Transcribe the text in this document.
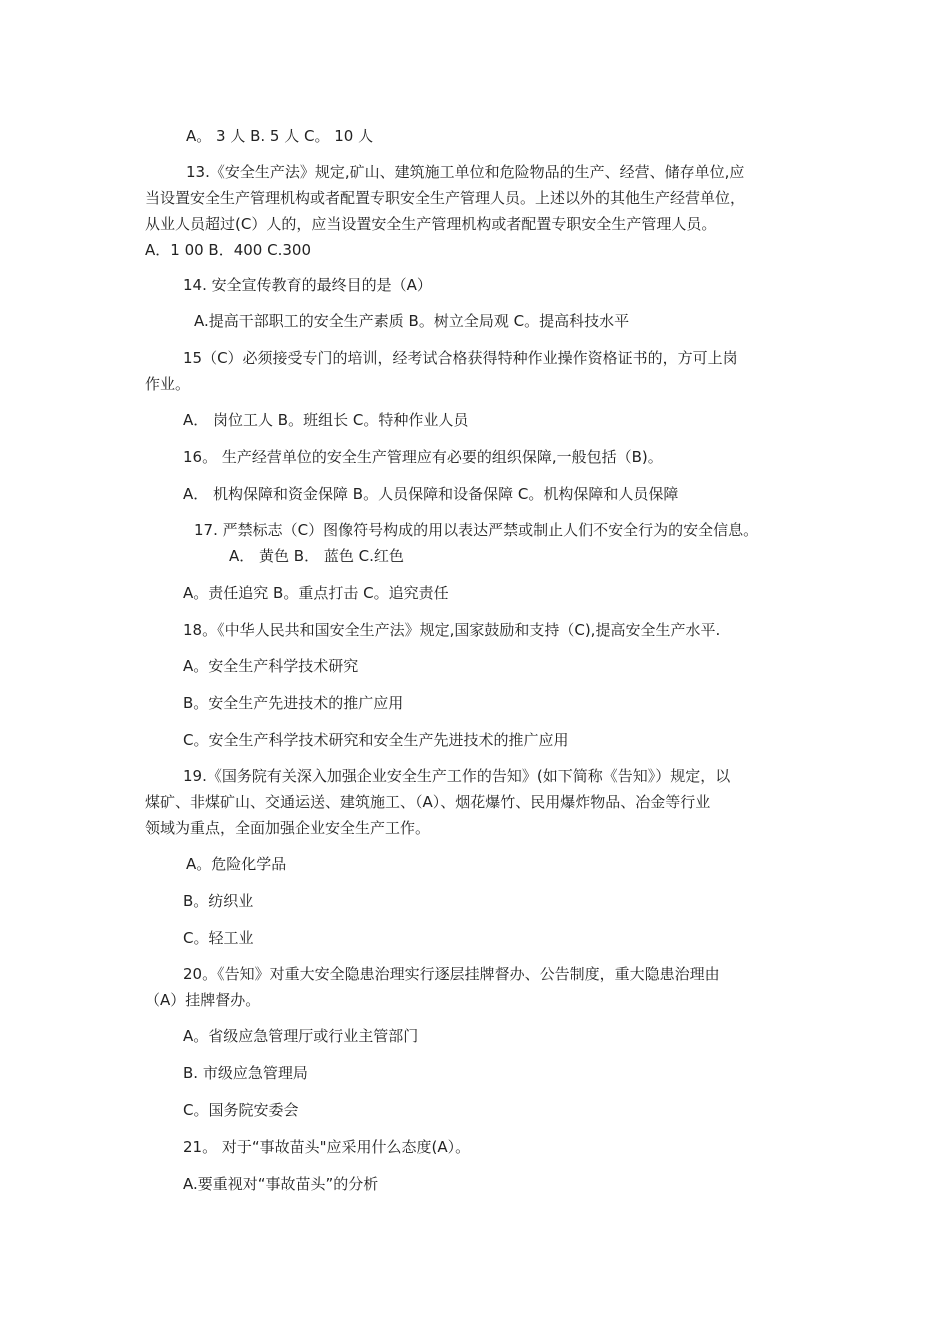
A。 3 人 B. 5 人 C。 10 人
13.《安全生产法》规定,矿山、建筑施工单位和危险物品的生产、经营、储存单位,应
当设置安全生产管理机构或者配置专职安全生产管理人员。上述以外的其他生产经营单位，
从业人员超过(C）人的，应当设置安全生产管理机构或者配置专职安全生产管理人员。
A．1 00 B．400 C.300
14. 安全宣传教育的最终目的是（A）
A.提高干部职工的安全生产素质 B。树立全局观 C。提高科技水平
15（C）必须接受专门的培训，经考试合格获得特种作业操作资格证书的，方可上岗
作业。
A． 岗位工人 B。班组长 C。特种作业人员
16。 生产经营单位的安全生产管理应有必要的组织保障,一般包括（B)。
A． 机构保障和资金保障 B。人员保障和设备保障 C。机构保障和人员保障
17. 严禁标志（C）图像符号构成的用以表达严禁或制止人们不安全行为的安全信息。
A． 黄色 B． 蓝色 C.红色
A。责任追究 B。重点打击 C。追究责任
18。《中华人民共和国安全生产法》规定,国家鼓励和支持（C),提高安全生产水平.
A。安全生产科学技术研究
B。安全生产先进技术的推广应用
C。安全生产科学技术研究和安全生产先进技术的推广应用
19.《国务院有关深入加强企业安全生产工作的告知》(如下简称《告知》）规定，以
煤矿、非煤矿山、交通运送、建筑施工、（A）、烟花爆竹、民用爆炸物品、冶金等行业
领域为重点，全面加强企业安全生产工作。
A。危险化学品
B。纺织业
C。轻工业
20。《告知》对重大安全隐患治理实行逐层挂牌督办、公告制度，重大隐患治理由
（A）挂牌督办。
A。省级应急管理厅或行业主管部门
B. 市级应急管理局
C。国务院安委会
21。 对于“事故苗头"应采用什么态度(A）。
A.要重视对“事故苗头”的分析
